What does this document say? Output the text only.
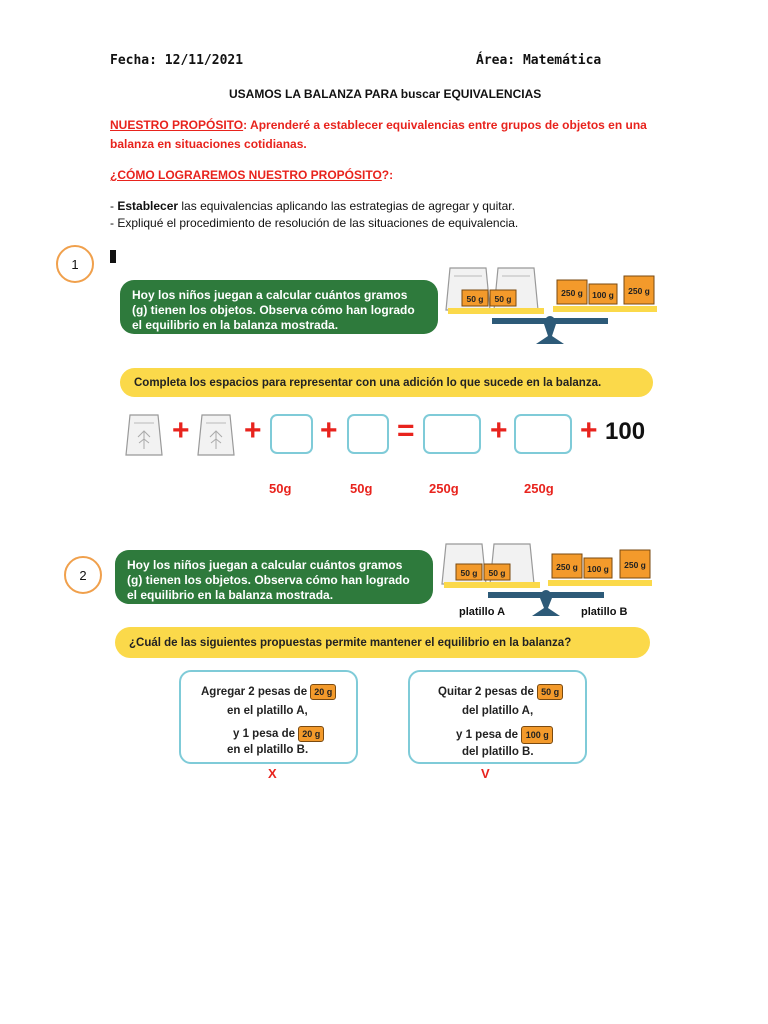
Fecha: 12/11/2021	Área: Matemática
USAMOS LA BALANZA PARA buscar EQUIVALENCIAS
NUESTRO PROPÓSITO: Aprenderé a establecer equivalencias entre grupos de objetos en una balanza en situaciones cotidianas.
¿CÓMO LOGRAREMOS NUESTRO PROPÓSITO?:
- Establecer las equivalencias aplicando las estrategias de agregar y quitar.
- Expliqué el procedimiento de resolución de las situaciones de equivalencia.
1
Hoy los niños juegan a calcular cuántos gramos (g) tienen los objetos. Observa cómo han logrado el equilibrio en la balanza mostrada.
50 g 50 g
250 g 100 g 250 g
Completa los espacios para representar con una adición lo que sucede en la balanza.
+ + + =	+ + 100
50g	50g	250g	250g
2
Hoy los niños juegan a calcular cuántos gramos (g) tienen los objetos. Observa cómo han logrado el equilibrio en la balanza mostrada.
50 g 50 g
250 g 100 g 250 g
platillo A	platillo B
¿Cuál de las siguientes propuestas permite mantener el equilibrio en la balanza?
Agregar 2 pesas de 20 g
en el platillo A,
y 1 pesa de 20 g
en el platillo B.
X
Quitar 2 pesas de 50 g
del platillo A,
y 1 pesa de 100 g
del platillo B.
V
